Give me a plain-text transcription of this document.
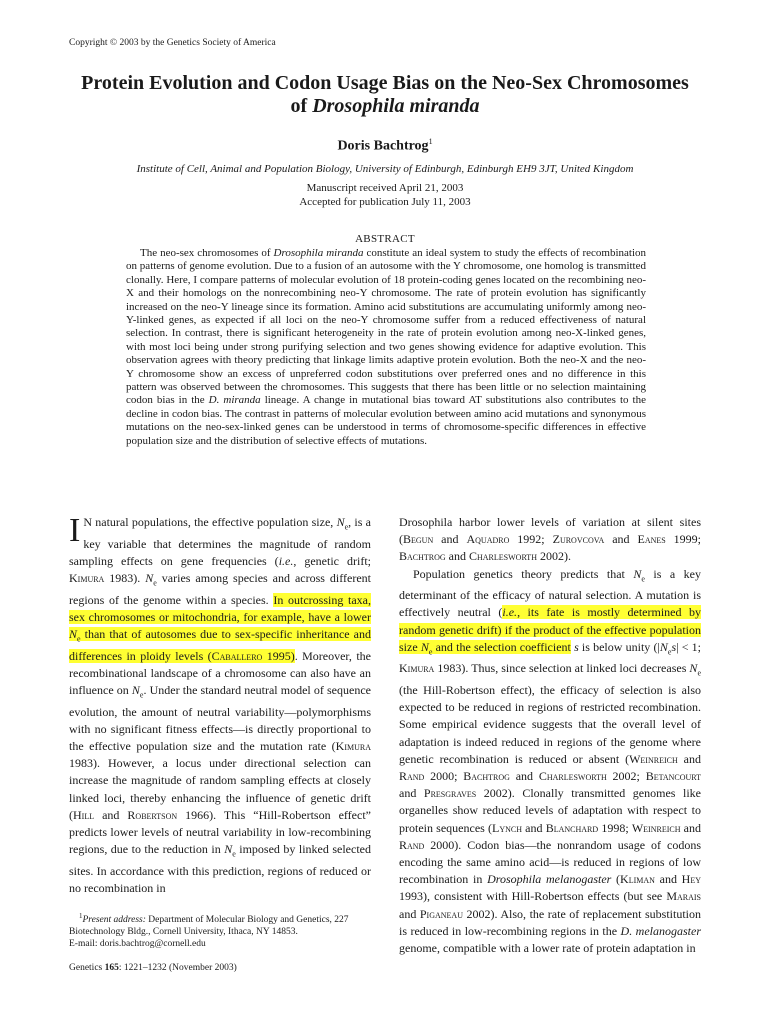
Copyright © 2003 by the Genetics Society of America
Protein Evolution and Codon Usage Bias on the Neo-Sex Chromosomes
of Drosophila miranda
Doris Bachtrog$^1$
Institute of Cell, Animal and Population Biology, University of Edinburgh, Edinburgh EH9 3JT, United Kingdom
Manuscript received April 21, 2003
Accepted for publication July 11, 2003
ABSTRACT

The neo-sex chromosomes of Drosophila miranda constitute an ideal system to study the effects of recombination on patterns of genome evolution. Due to a fusion of an autosome with the Y chromosome, one homolog is transmitted clonally. Here, I compare patterns of molecular evolution of 18 protein-coding genes located on the recombining neo-X and their homologs on the nonrecombining neo-Y chromosome. The rate of protein evolution has significantly increased on the neo-Y lineage since its formation. Amino acid substitutions are accumulating uniformly among neo-Y-linked genes, as expected if all loci on the neo-Y chromosome suffer from a reduced effectiveness of natural selection. In contrast, there is significant heterogeneity in the rate of protein evolution among neo-X-linked genes, with most loci being under strong purifying selection and two genes showing evidence for adaptive evolution. This observation agrees with theory predicting that linkage limits adaptive protein evolution. Both the neo-X and the neo-Y chromosome show an excess of unpreferred codon substitutions over preferred ones and no difference in this pattern was observed between the chromosomes. This suggests that there has been little or no selection maintaining codon bias in the D. miranda lineage. A change in mutational bias toward AT substitutions also contributes to the decline in codon bias. The contrast in patterns of molecular evolution between amino acid mutations and synonymous mutations on the neo-sex-linked genes can be understood in terms of chromosome-specific differences in effective population size and the distribution of selective effects of mutations.

I N natural populations, the effective population size, $N_e$, is a key variable that determines the magnitude of random sampling effects on gene frequencies (i.e., genetic drift; Kimura 1983). $N_e$ varies among species and across different regions of the genome within a species. In outcrossing taxa, sex chromosomes or mitochondria, for example, have a lower $N_e$ than that of autosomes due to sex-specific inheritance and differences in ploidy levels (Caballero 1995). Moreover, the recombinational landscape of a chromosome can also have an influence on $N_e$. Under the standard neutral model of sequence evolution, the amount of neutral variability—polymorphisms with no significant fitness effects—is directly proportional to the effective population size and the mutation rate (Kimura 1983). However, a locus under directional selection can increase the magnitude of random sampling effects at closely linked loci, thereby enhancing the influence of genetic drift (Hill and Robertson 1966). This “Hill-Robertson effect” predicts lower levels of neutral variability in low-recombining regions, due to the reduction in $N_e$ imposed by linked selected sites. In accordance with this prediction, regions of reduced or no recombination in

Drosophila harbor lower levels of variation at silent sites (Begun and Aquadro 1992; Zurovcova and Eanes 1999; Bachtrog and Charlesworth 2002).

Population genetics theory predicts that $N_e$ is a key determinant of the efficacy of natural selection. A mutation is effectively neutral (i.e., its fate is mostly determined by random genetic drift) if the product of the effective population size $N_e$ and the selection coefficient s is below unity ($|N_es| < 1$; Kimura 1983). Thus, since selection at linked loci decreases $N_e$ (the Hill-Robertson effect), the efficacy of selection is also expected to be reduced in regions of restricted recombination. Some empirical evidence suggests that the overall level of adaptation is indeed reduced in regions of the genome where genetic recombination is reduced or absent (Weinreich and Rand 2000; Bachtrog and Charlesworth 2002; Betancourt and Presgraves 2002). Clonally transmitted genomes like organelles show reduced levels of adaptation with respect to protein sequences (Lynch and Blanchard 1998; Weinreich and Rand 2000). Codon bias—the nonrandom usage of codons encoding the same amino acid—is reduced in regions of low recombination in Drosophila melanogaster (Kliman and Hey 1993), consistent with Hill-Robertson effects (but see Marais and Piganeau 2002). Also, the rate of replacement substitution is reduced in low-recombining regions in the D. melanogaster genome, compatible with a lower rate of protein adaptation in

$^1$Present address: Department of Molecular Biology and Genetics, 227 Biotechnology Bldg., Cornell University, Ithaca, NY 14853.

E-mail: doris.bachtrog@cornell.edu

Genetics 165: 1221–1232 (November 2003)
